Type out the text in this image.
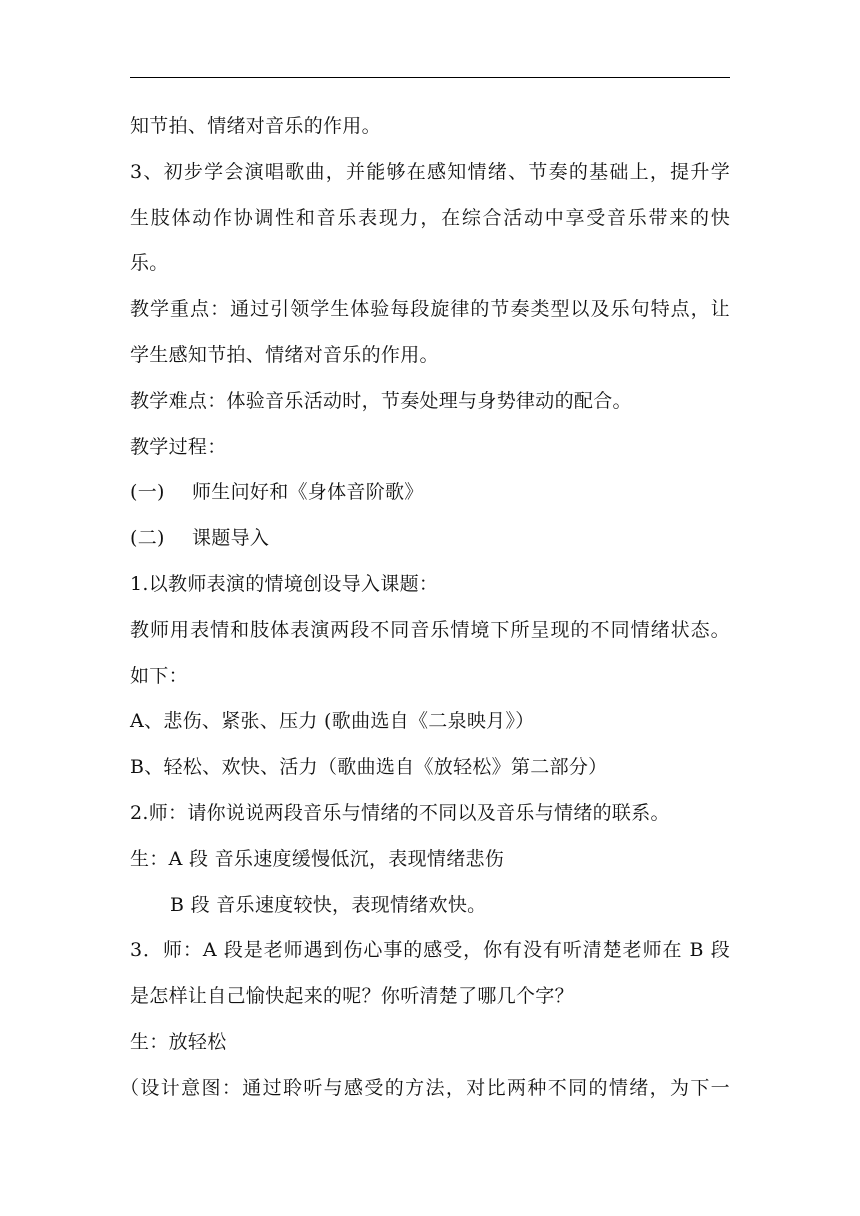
知节拍、情绪对音乐的作用。
3、初步学会演唱歌曲，并能够在感知情绪、节奏的基础上，提升学
生肢体动作协调性和音乐表现力，在综合活动中享受音乐带来的快
乐。
教学重点：通过引领学生体验每段旋律的节奏类型以及乐句特点，让
学生感知节拍、情绪对音乐的作用。
教学难点：体验音乐活动时，节奏处理与身势律动的配合。
教学过程：
(一) 师生问好和《身体音阶歌》
(二) 课题导入
1.以教师表演的情境创设导入课题：
教师用表情和肢体表演两段不同音乐情境下所呈现的不同情绪状态。
如下：
A、悲伤、紧张、压力 (歌曲选自《二泉映月》）
B、轻松、欢快、活力（歌曲选自《放轻松》第二部分）
2.师：请你说说两段音乐与情绪的不同以及音乐与情绪的联系。
生：A 段 音乐速度缓慢低沉，表现情绪悲伤
B 段 音乐速度较快，表现情绪欢快。
3．师：A 段是老师遇到伤心事的感受，你有没有听清楚老师在 B 段
是怎样让自己愉快起来的呢？你听清楚了哪几个字？
生：放轻松
（设计意图：通过聆听与感受的方法，对比两种不同的情绪，为下一
